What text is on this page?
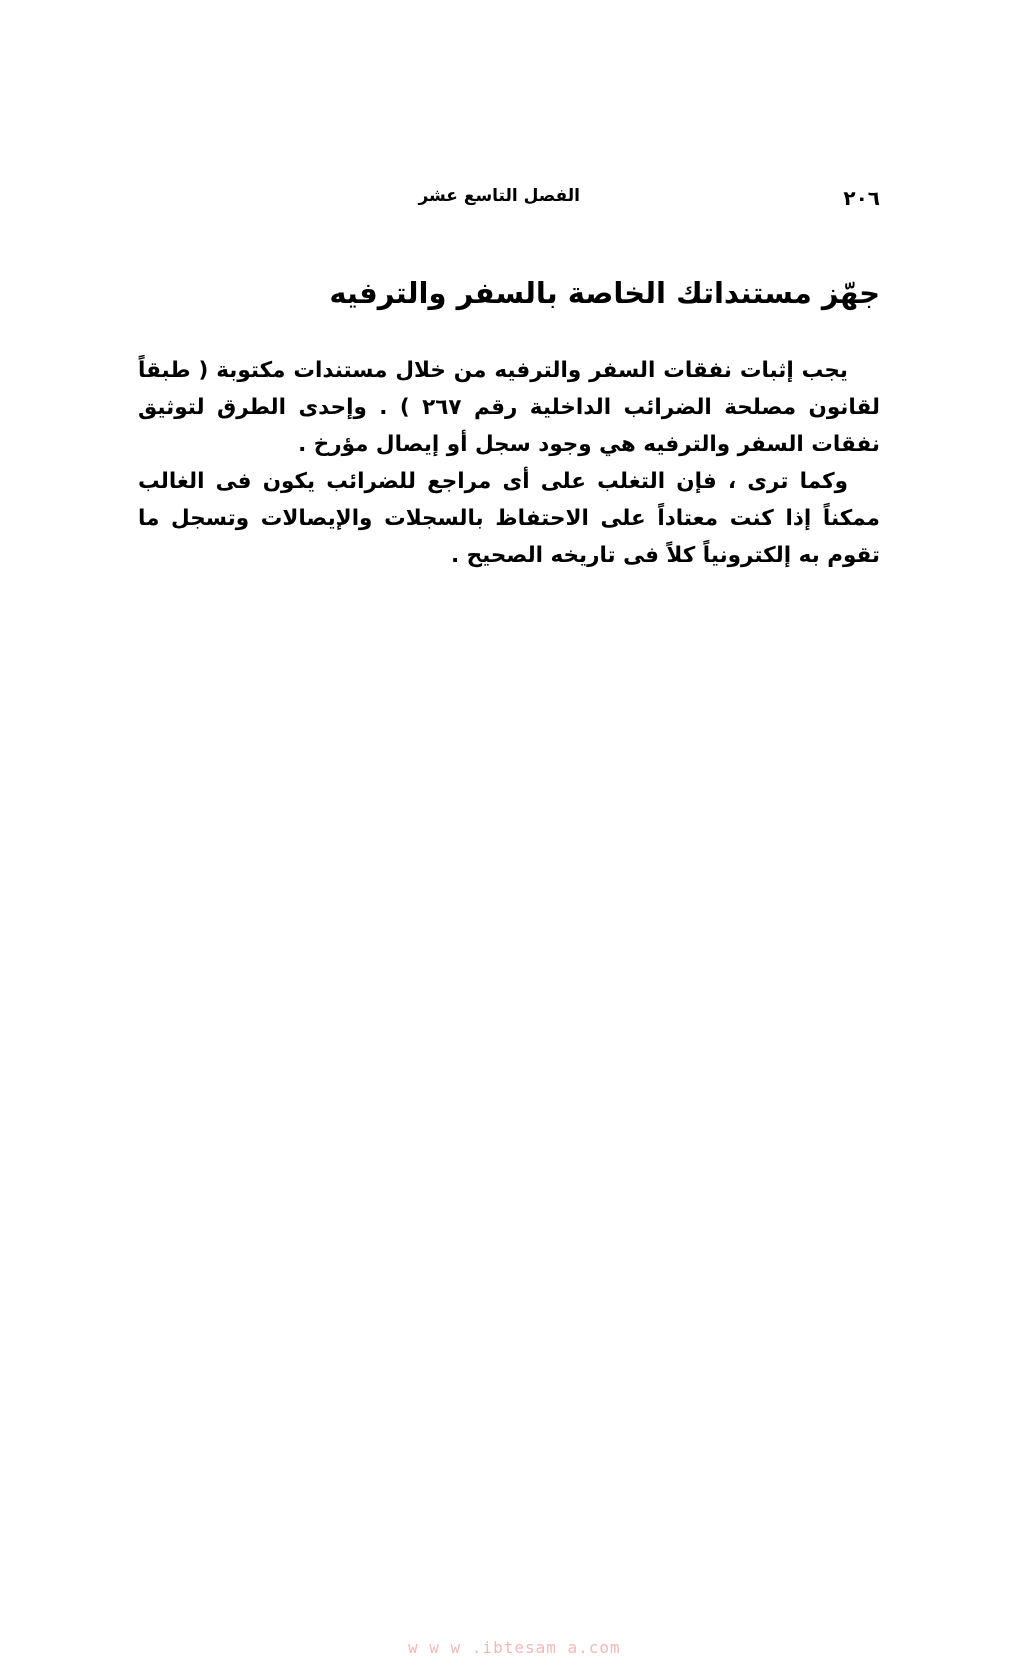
٢٠٦
الفصل التاسع عشر
جهّز مستنداتك الخاصة بالسفر والترفيه

يجب إثبات نفقات السفر والترفيه من خلال مستندات مكتوبة ( طبقاً لقانون مصلحة الضرائب الداخلية رقم ٢٦٧ ) . وإحدى الطرق لتوثيق نفقات السفر والترفيه هي وجود سجل أو إيصال مؤرخ .

وكما ترى ، فإن التغلب على أى مراجع للضرائب يكون فى الغالب ممكناً إذا كنت معتاداً على الاحتفاظ بالسجلات والإيصالات وتسجل ما تقوم به إلكترونياً كلاً فى تاريخه الصحيح .

w w w .ibtesam a.com
